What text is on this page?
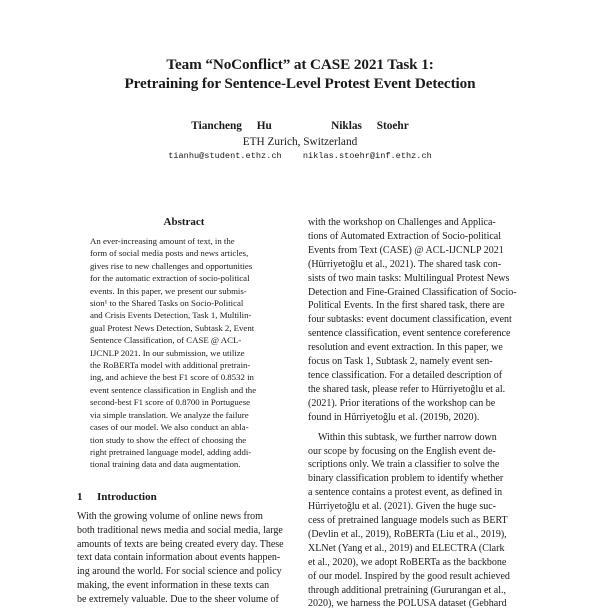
Team “NoConflict” at CASE 2021 Task 1:
Pretraining for Sentence-Level Protest Event Detection
Tiancheng Hu    Niklas Stoehr
ETH Zurich, Switzerland
tianhu@student.ethz.ch niklas.stoehr@inf.ethz.ch
Abstract
An ever-increasing amount of text, in the
form of social media posts and news articles,
gives rise to new challenges and opportunities
for the automatic extraction of socio-political
events. In this paper, we present our submis-
sion¹ to the Shared Tasks on Socio-Political
and Crisis Events Detection, Task 1, Multilin-
gual Protest News Detection, Subtask 2, Event
Sentence Classification, of CASE @ ACL-
IJCNLP 2021. In our submission, we utilize
the RoBERTa model with additional pretrain-
ing, and achieve the best F1 score of 0.8532 in
event sentence classification in English and the
second-best F1 score of 0.8700 in Portuguese
via simple translation. We analyze the failure
cases of our model. We also conduct an abla-
tion study to show the effect of choosing the
right pretrained language model, adding addi-
tional training data and data augmentation.
1 Introduction
With the growing volume of online news from
both traditional news media and social media, large
amounts of texts are being created every day. These
text data contain information about events happen-
ing around the world. For social science and policy
making, the event information in these texts can
be extremely valuable. Due to the sheer volume of
with the workshop on Challenges and Applica-
tions of Automated Extraction of Socio-political
Events from Text (CASE) @ ACL-IJCNLP 2021
(Hürriyetoğlu et al., 2021). The shared task con-
sists of two main tasks: Multilingual Protest News
Detection and Fine-Grained Classification of Socio-
Political Events. In the first shared task, there are
four subtasks: event document classification, event
sentence classification, event sentence coreference
resolution and event extraction. In this paper, we
focus on Task 1, Subtask 2, namely event sen-
tence classification. For a detailed description of
the shared task, please refer to Hürriyetoğlu et al.
(2021). Prior iterations of the workshop can be
found in Hürriyetoğlu et al. (2019b, 2020).
Within this subtask, we further narrow down
our scope by focusing on the English event de-
scriptions only. We train a classifier to solve the
binary classification problem to identify whether
a sentence contains a protest event, as defined in
Hürriyetoğlu et al. (2021). Given the huge suc-
cess of pretrained language models such as BERT
(Devlin et al., 2019), RoBERTa (Liu et al., 2019),
XLNet (Yang et al., 2019) and ELECTRA (Clark
et al., 2020), we adopt RoBERTa as the backbone
of our model. Inspired by the good result achieved
through additional pretraining (Gururangan et al.,
2020), we harness the POLUSA dataset (Gebhard
